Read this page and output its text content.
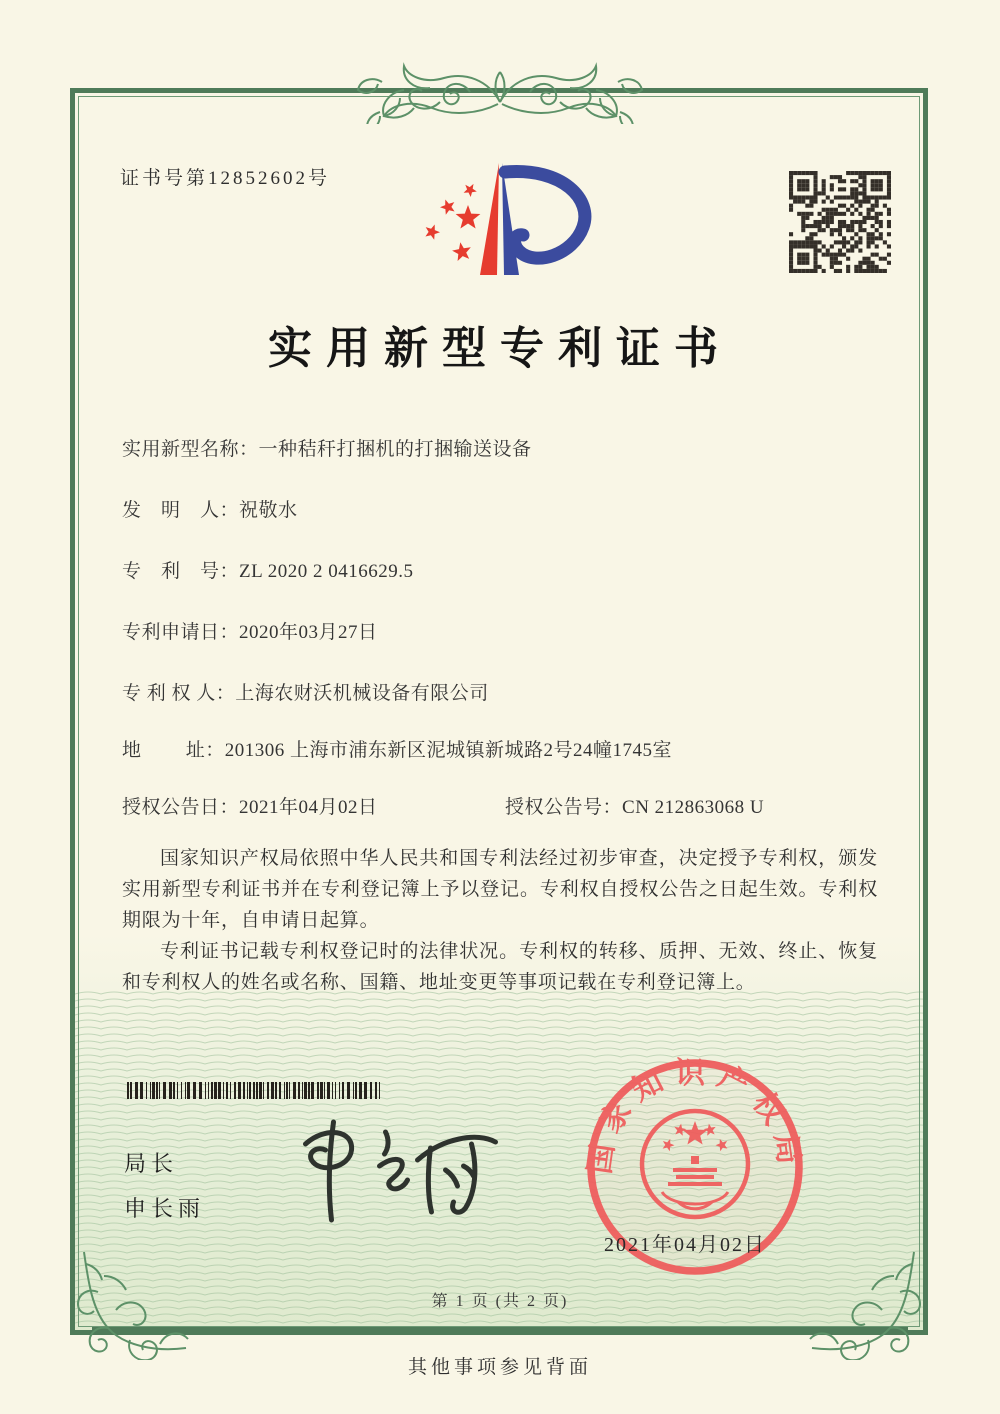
证书号第12852602号
实用新型专利证书
实用新型名称：一种秸秆打捆机的打捆输送设备
发　明　人：祝敬水
专　利　号：ZL 2020 2 0416629.5
专利申请日：2020年03月27日
专 利 权 人：上海农财沃机械设备有限公司
地　　 址：201306 上海市浦东新区泥城镇新城路2号24幢1745室
授权公告日：2021年04月02日	授权公告号：CN 212863068 U

国家知识产权局依照中华人民共和国专利法经过初步审查，决定授予专利权，颁发实用新型专利证书并在专利登记簿上予以登记。专利权自授权公告之日起生效。专利权期限为十年，自申请日起算。

专利证书记载专利权登记时的法律状况。专利权的转移、质押、无效、终止、恢复和专利权人的姓名或名称、国籍、地址变更等事项记载在专利登记簿上。

局长
申长雨
国家知识产权局
2021年04月02日
第 1 页 (共 2 页)
其他事项参见背面
